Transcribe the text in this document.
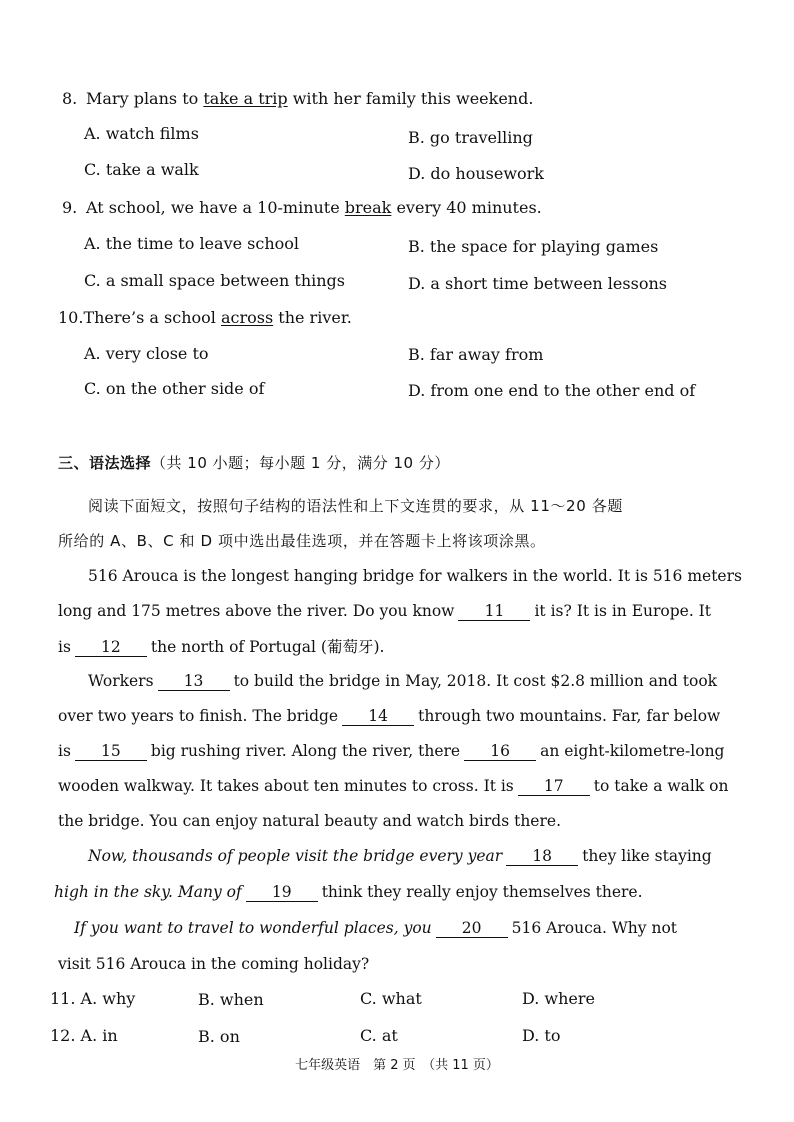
8. Mary plans to take a trip with her family this weekend.
A. watch films	B. go travelling
C. take a walk	D. do housework
9. At school, we have a 10-minute break every 40 minutes.
A. the time to leave school	B. the space for playing games
C. a small space between things	D. a short time between lessons
10.There’s a school across the river.
A. very close to	B. far away from
C. on the other side of	D. from one end to the other end of
三、语法选择（共 10 小题；每小题 1 分，满分 10 分）
阅读下面短文，按照句子结构的语法性和上下文连贯的要求，从 11～20 各题
所给的 A、B、C 和 D 项中选出最佳选项，并在答题卡上将该项涂黑。
516 Arouca is the longest hanging bridge for walkers in the world. It is 516 meters
long and 175 metres above the river. Do you know 11 it is? It is in Europe. It
is 12 the north of Portugal (葡萄牙).
Workers 13 to build the bridge in May, 2018. It cost $2.8 million and took
over two years to finish. The bridge 14 through two mountains. Far, far below
is 15 big rushing river. Along the river, there 16 an eight-kilometre-long
wooden walkway. It takes about ten minutes to cross. It is 17 to take a walk on
the bridge. You can enjoy natural beauty and watch birds there.
Now, thousands of people visit the bridge every year 18 they like staying
high in the sky. Many of 19 think they really enjoy themselves there.
If you want to travel to wonderful places, you 20 516 Arouca. Why not
visit 516 Arouca in the coming holiday?
11. A. why	B. when	C. what	D. where
12. A. in	B. on	C. at	D. to
七年级英语　第 2 页　（共 11 页）
